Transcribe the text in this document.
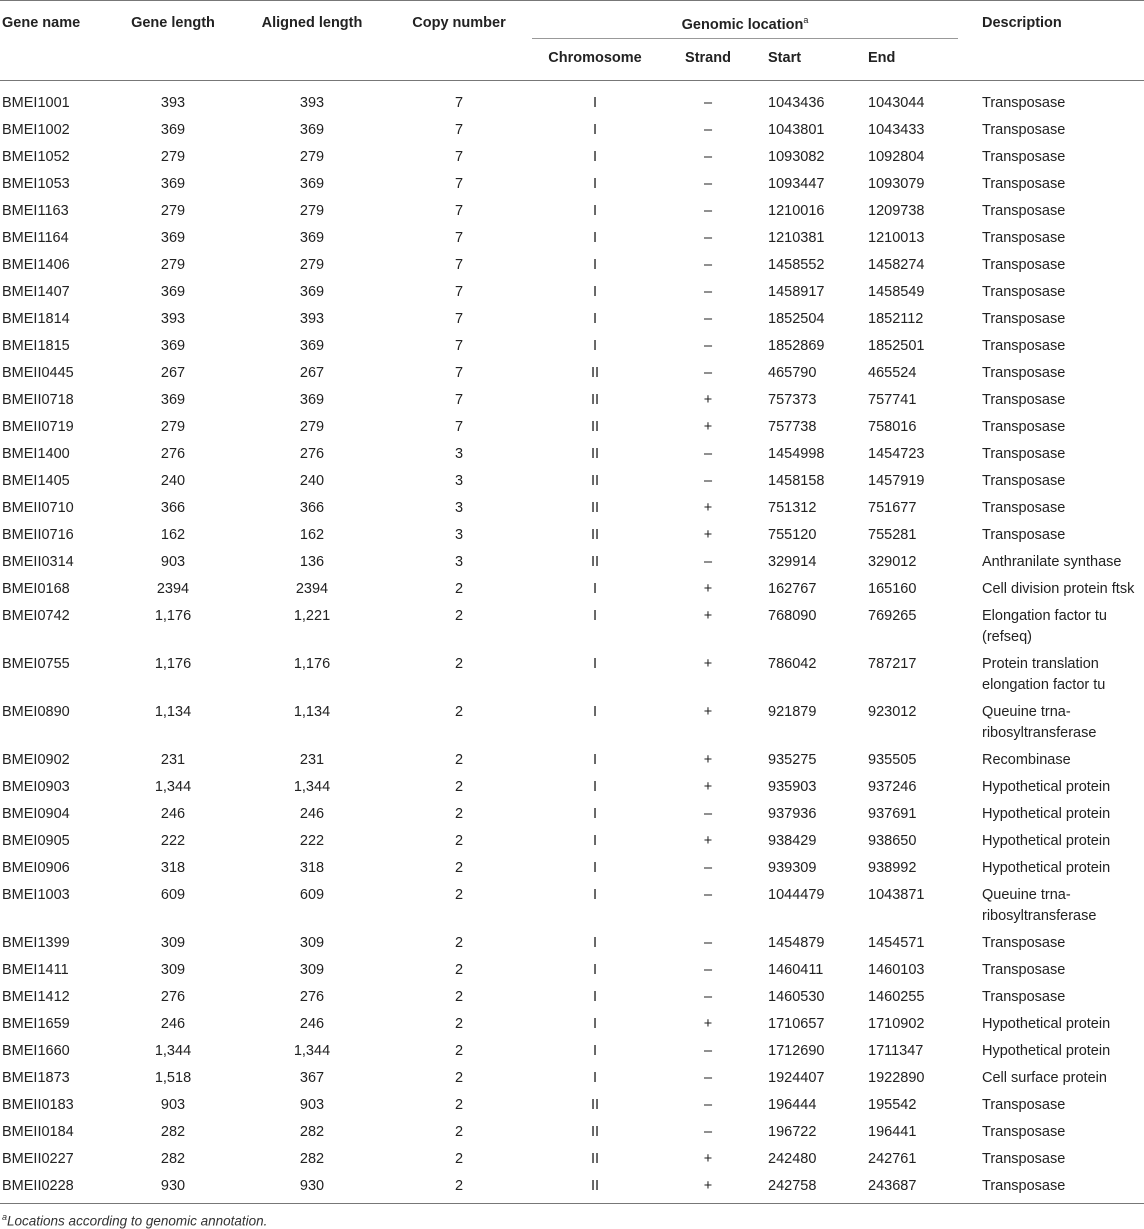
Gene name	Gene length	Aligned length	Copy number	Genomic location$^a$				Description
				Chromosome	Strand	Start	End	
BMEI1001	393	393	7	I	–	1043436	1043044	Transposase
BMEI1002	369	369	7	I	–	1043801	1043433	Transposase
BMEI1052	279	279	7	I	–	1093082	1092804	Transposase
BMEI1053	369	369	7	I	–	1093447	1093079	Transposase
BMEI1163	279	279	7	I	–	1210016	1209738	Transposase
BMEI1164	369	369	7	I	–	1210381	1210013	Transposase
BMEI1406	279	279	7	I	–	1458552	1458274	Transposase
BMEI1407	369	369	7	I	–	1458917	1458549	Transposase
BMEI1814	393	393	7	I	–	1852504	1852112	Transposase
BMEI1815	369	369	7	I	–	1852869	1852501	Transposase
BMEII0445	267	267	7	II	–	465790	465524	Transposase
BMEII0718	369	369	7	II	+	757373	757741	Transposase
BMEII0719	279	279	7	II	+	757738	758016	Transposase
BMEI1400	276	276	3	II	–	1454998	1454723	Transposase
BMEI1405	240	240	3	II	–	1458158	1457919	Transposase
BMEII0710	366	366	3	II	+	751312	751677	Transposase
BMEII0716	162	162	3	II	+	755120	755281	Transposase
BMEII0314	903	136	3	II	–	329914	329012	Anthranilate synthase
BMEI0168	2394	2394	2	I	+	162767	165160	Cell division protein ftsk
BMEI0742	1,176	1,221	2	I	+	768090	769265	Elongation factor tu (refseq)
BMEI0755	1,176	1,176	2	I	+	786042	787217	Protein translation elongation factor tu
BMEI0890	1,134	1,134	2	I	+	921879	923012	Queuine trna-ribosyltransferase
BMEI0902	231	231	2	I	+	935275	935505	Recombinase
BMEI0903	1,344	1,344	2	I	+	935903	937246	Hypothetical protein
BMEI0904	246	246	2	I	–	937936	937691	Hypothetical protein
BMEI0905	222	222	2	I	+	938429	938650	Hypothetical protein
BMEI0906	318	318	2	I	–	939309	938992	Hypothetical protein
BMEI1003	609	609	2	I	–	1044479	1043871	Queuine trna-ribosyltransferase
BMEI1399	309	309	2	I	–	1454879	1454571	Transposase
BMEI1411	309	309	2	I	–	1460411	1460103	Transposase
BMEI1412	276	276	2	I	–	1460530	1460255	Transposase
BMEI1659	246	246	2	I	+	1710657	1710902	Hypothetical protein
BMEI1660	1,344	1,344	2	I	–	1712690	1711347	Hypothetical protein
BMEI1873	1,518	367	2	I	–	1924407	1922890	Cell surface protein
BMEII0183	903	903	2	II	–	196444	195542	Transposase
BMEII0184	282	282	2	II	–	196722	196441	Transposase
BMEII0227	282	282	2	II	+	242480	242761	Transposase
BMEII0228	930	930	2	II	+	242758	243687	Transposase
$^a$Locations according to genomic annotation.
